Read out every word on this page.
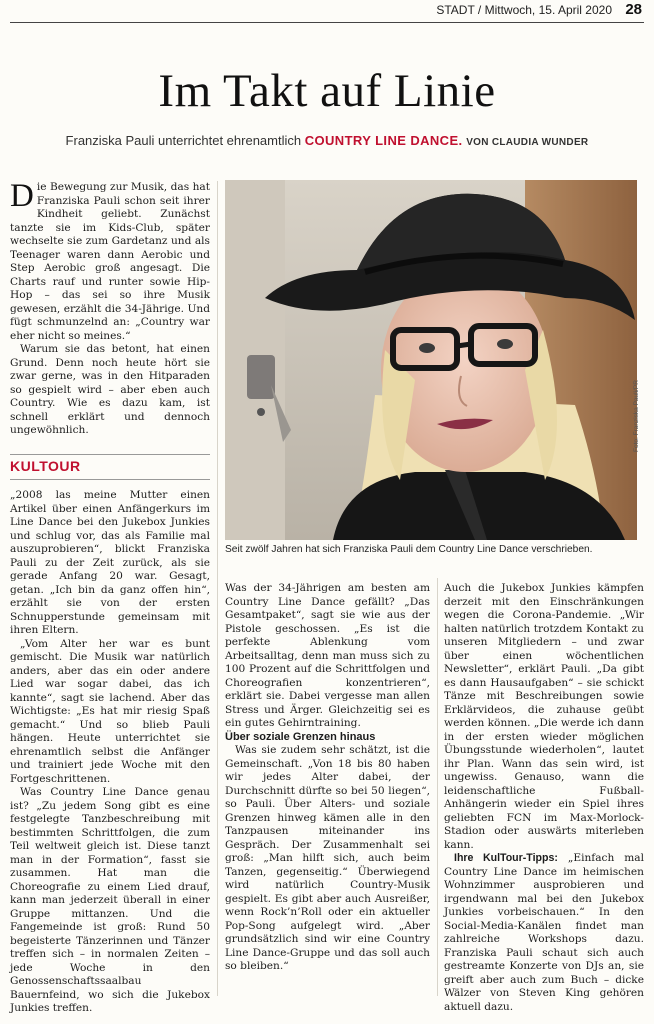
STADT / Mittwoch, 15. April 2020 28
Im Takt auf Linie
Franziska Pauli unterrichtet ehrenamtlich COUNTRY LINE DANCE. VON CLAUDIA WUNDER

Die Bewegung zur Musik, das hat Franziska Pauli schon seit ihrer Kindheit geliebt. Zunächst tanzte sie im Kids-Club, später wechselte sie zum Gardetanz und als Teenager waren dann Aerobic und Step Aerobic groß angesagt. Die Charts rauf und runter sowie Hip-Hop – das sei so ihre Musik gewesen, erzählt die 34-Jährige. Und fügt schmunzelnd an: „Country war eher nicht so meines.“

Warum sie das betont, hat einen Grund. Denn noch heute hört sie zwar gerne, was in den Hitparaden so gespielt wird – aber eben auch Country. Wie es dazu kam, ist schnell erklärt und dennoch ungewöhnlich.

KULTOUR

„2008 las meine Mutter einen Artikel über einen Anfängerkurs im Line Dance bei den Jukebox Junkies und schlug vor, das als Familie mal auszuprobieren“, blickt Franziska Pauli zu der Zeit zurück, als sie gerade Anfang 20 war. Gesagt, getan. „Ich bin da ganz offen hin“, erzählt sie von der ersten Schnupperstunde gemeinsam mit ihren Eltern.

„Vom Alter her war es bunt gemischt. Die Musik war natürlich anders, aber das ein oder andere Lied war sogar dabei, das ich kannte“, sagt sie lachend. Aber das Wichtigste: „Es hat mir riesig Spaß gemacht.“ Und so blieb Pauli hängen. Heute unterrichtet sie ehrenamtlich selbst die Anfänger und trainiert jede Woche mit den Fortgeschrittenen.

Was Country Line Dance genau ist? „Zu jedem Song gibt es eine festgelegte Tanzbeschreibung mit bestimmten Schrittfolgen, die zum Teil weltweit gleich ist. Diese tanzt man in der Formation“, fasst sie zusammen. Hat man die Choreografie zu einem Lied drauf, kann man jederzeit überall in einer Gruppe mittanzen. Und die Fangemeinde ist groß: Rund 50 begeisterte Tänzerinnen und Tänzer treffen sich – in normalen Zeiten – jede Woche in den Genossenschaftssaalbau Bauernfeind, wo sich die Jukebox Junkies treffen.

Foto: Franziska Pauli/PR
Seit zwölf Jahren hat sich Franziska Pauli dem Country Line Dance verschrieben.

Was der 34-Jährigen am besten am Country Line Dance gefällt? „Das Gesamtpaket“, sagt sie wie aus der Pistole geschossen. „Es ist die perfekte Ablenkung vom Arbeitsalltag, denn man muss sich zu 100 Prozent auf die Schrittfolgen und Choreografien konzentrieren“, erklärt sie. Dabei vergesse man allen Stress und Ärger. Gleichzeitig sei es ein gutes Gehirntraining.

Über soziale Grenzen hinaus

Was sie zudem sehr schätzt, ist die Gemeinschaft. „Von 18 bis 80 haben wir jedes Alter dabei, der Durchschnitt dürfte so bei 50 liegen“, so Pauli. Über Alters- und soziale Grenzen hinweg kämen alle in den Tanzpausen miteinander ins Gespräch. Der Zusammenhalt sei groß: „Man hilft sich, auch beim Tanzen, gegenseitig.“ Überwiegend wird natürlich Country-Musik gespielt. Es gibt aber auch Ausreißer, wenn Rock’n’Roll oder ein aktueller Pop-Song aufgelegt wird. „Aber grundsätzlich sind wir eine Country Line Dance-Gruppe und das soll auch so bleiben.“

Auch die Jukebox Junkies kämpfen derzeit mit den Einschränkungen wegen die Corona-Pandemie. „Wir halten natürlich trotzdem Kontakt zu unseren Mitgliedern – und zwar über einen wöchentlichen Newsletter“, erklärt Pauli. „Da gibt es dann Hausaufgaben“ – sie schickt Tänze mit Beschreibungen sowie Erklärvideos, die zuhause geübt werden können. „Die werde ich dann in der ersten wieder möglichen Übungsstunde wiederholen“, lautet ihr Plan. Wann das sein wird, ist ungewiss. Genauso, wann die leidenschaftliche Fußball-Anhängerin wieder ein Spiel ihres geliebten FCN im Max-Morlock-Stadion oder auswärts miterleben kann.

Ihre KulTour-Tipps: „Einfach mal Country Line Dance im heimischen Wohnzimmer ausprobieren und irgendwann mal bei den Jukebox Junkies vorbeischauen.“ In den Social-Media-Kanälen findet man zahlreiche Workshops dazu. Franziska Pauli schaut sich auch gestreamte Konzerte von DJs an, sie greift aber auch zum Buch – dicke Wälzer von Steven King gehören aktuell dazu.
